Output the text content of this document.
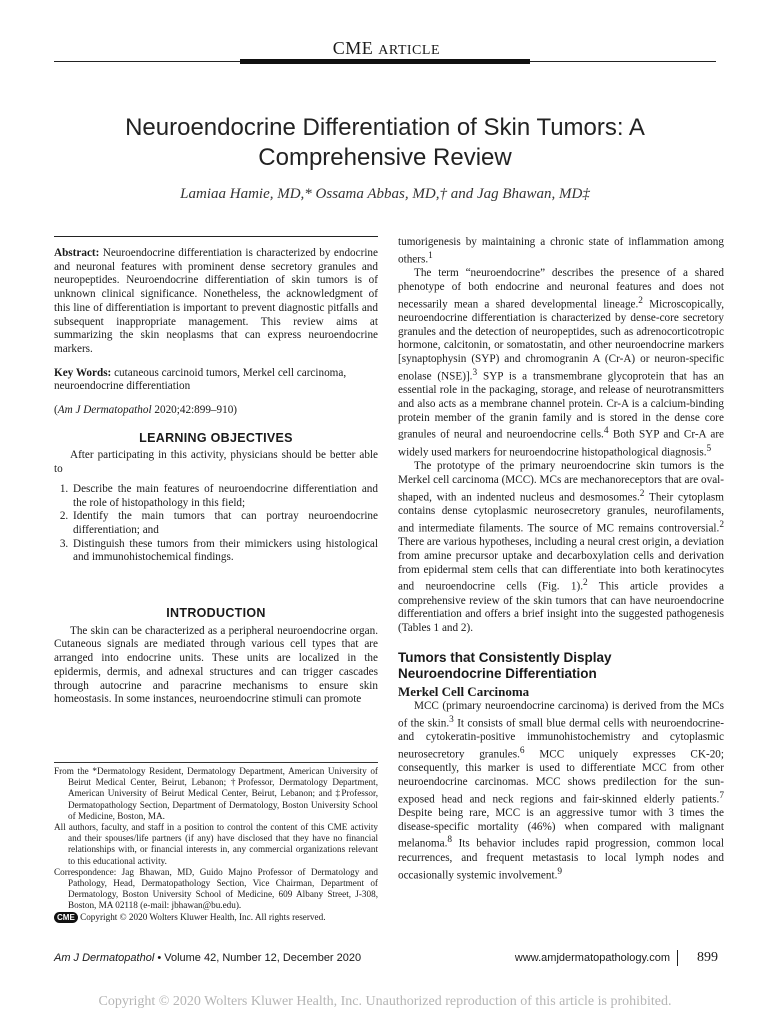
CME ARTICLE
Neuroendocrine Differentiation of Skin Tumors: A
Comprehensive Review
Lamiaa Hamie, MD,* Ossama Abbas, MD,† and Jag Bhawan, MD‡

Abstract: Neuroendocrine differentiation is characterized by endocrine and neuronal features with prominent dense secretory granules and neuropeptides. Neuroendocrine differentiation of skin tumors is of unknown clinical significance. Nonetheless, the acknowledgment of this line of differentiation is important to prevent diagnostic pitfalls and subsequent inappropriate management. This review aims at summarizing the skin neoplasms that can express neuroendocrine markers.

Key Words: cutaneous carcinoid tumors, Merkel cell carcinoma, neuroendocrine differentiation

(Am J Dermatopathol 2020;42:899–910)

LEARNING OBJECTIVES

After participating in this activity, physicians should be better able to

1. Describe the main features of neuroendocrine differentiation and the role of histopathology in this field;
2. Identify the main tumors that can portray neuroendocrine differentiation; and
3. Distinguish these tumors from their mimickers using histological and immunohistochemical findings.
INTRODUCTION

The skin can be characterized as a peripheral neuroendocrine organ. Cutaneous signals are mediated through various cell types that are arranged into endocrine units. These units are localized in the epidermis, dermis, and adnexal structures and can trigger cascades through autocrine and paracrine mechanisms to ensure skin homeostasis. In some instances, neuroendocrine stimuli can promote

From the *Dermatology Resident, Dermatology Department, American University of Beirut Medical Center, Beirut, Lebanon; †Professor, Dermatology Department, American University of Beirut Medical Center, Beirut, Lebanon; and ‡Professor, Dermatopathology Section, Department of Dermatology, Boston University School of Medicine, Boston, MA.

All authors, faculty, and staff in a position to control the content of this CME activity and their spouses/life partners (if any) have disclosed that they have no financial relationships with, or financial interests in, any commercial organizations relevant to this educational activity.

Correspondence: Jag Bhawan, MD, Guido Majno Professor of Dermatology and Pathology, Head, Dermatopathology Section, Vice Chairman, Department of Dermatology, Boston University School of Medicine, 609 Albany Street, J-308, Boston, MA 02118 (e-mail: jbhawan@bu.edu).

CME Copyright © 2020 Wolters Kluwer Health, Inc. All rights reserved.

tumorigenesis by maintaining a chronic state of inflammation among others.$^1$

The term “neuroendocrine” describes the presence of a shared phenotype of both endocrine and neuronal features and does not necessarily mean a shared developmental lineage.$^2$ Microscopically, neuroendocrine differentiation is characterized by dense-core secretory granules and the detection of neuropeptides, such as adrenocorticotropic hormone, calcitonin, or somatostatin, and other neuroendocrine markers [synaptophysin (SYP) and chromogranin A (Cr-A) or neuron-specific enolase (NSE)].$^3$ SYP is a transmembrane glycoprotein that has an essential role in the packaging, storage, and release of neurotransmitters and also acts as a membrane channel protein. Cr-A is a calcium-binding protein member of the granin family and is stored in the dense core granules of neural and neuroendocrine cells.$^4$ Both SYP and Cr-A are widely used markers for neuroendocrine histopathological diagnosis.$^5$

The prototype of the primary neuroendocrine skin tumors is the Merkel cell carcinoma (MCC). MCs are mechanoreceptors that are oval-shaped, with an indented nucleus and desmosomes.$^2$ Their cytoplasm contains dense cytoplasmic neurosecretory granules, neurofilaments, and intermediate filaments. The source of MC remains controversial.$^2$ There are various hypotheses, including a neural crest origin, a deviation from amine precursor uptake and decarboxylation cells and derivation from epidermal stem cells that can differentiate into both keratinocytes and neuroendocrine cells (Fig. 1).$^2$ This article provides a comprehensive review of the skin tumors that can have neuroendocrine differentiation and offers a brief insight into the suggested pathogenesis (Tables 1 and 2).

Tumors that Consistently Display
Neuroendocrine Differentiation
Merkel Cell Carcinoma

MCC (primary neuroendocrine carcinoma) is derived from the MCs of the skin.$^3$ It consists of small blue dermal cells with neuroendocrine- and cytokeratin-positive immunohistochemistry and cytoplasmic neurosecretory granules.$^6$ MCC uniquely expresses CK-20; consequently, this marker is used to differentiate MCC from other neuroendocrine carcinomas. MCC shows predilection for the sun-exposed head and neck regions and fair-skinned elderly patients.$^7$ Despite being rare, MCC is an aggressive tumor with 3 times the disease-specific mortality (46%) when compared with malignant melanoma.$^8$ Its behavior includes rapid progression, common local recurrences, and frequent metastasis to local lymph nodes and occasionally systemic involvement.$^9$

Am J Dermatopathol • Volume 42, Number 12, December 2020	www.amjdermatopathology.com 899
Copyright © 2020 Wolters Kluwer Health, Inc. Unauthorized reproduction of this article is prohibited.
